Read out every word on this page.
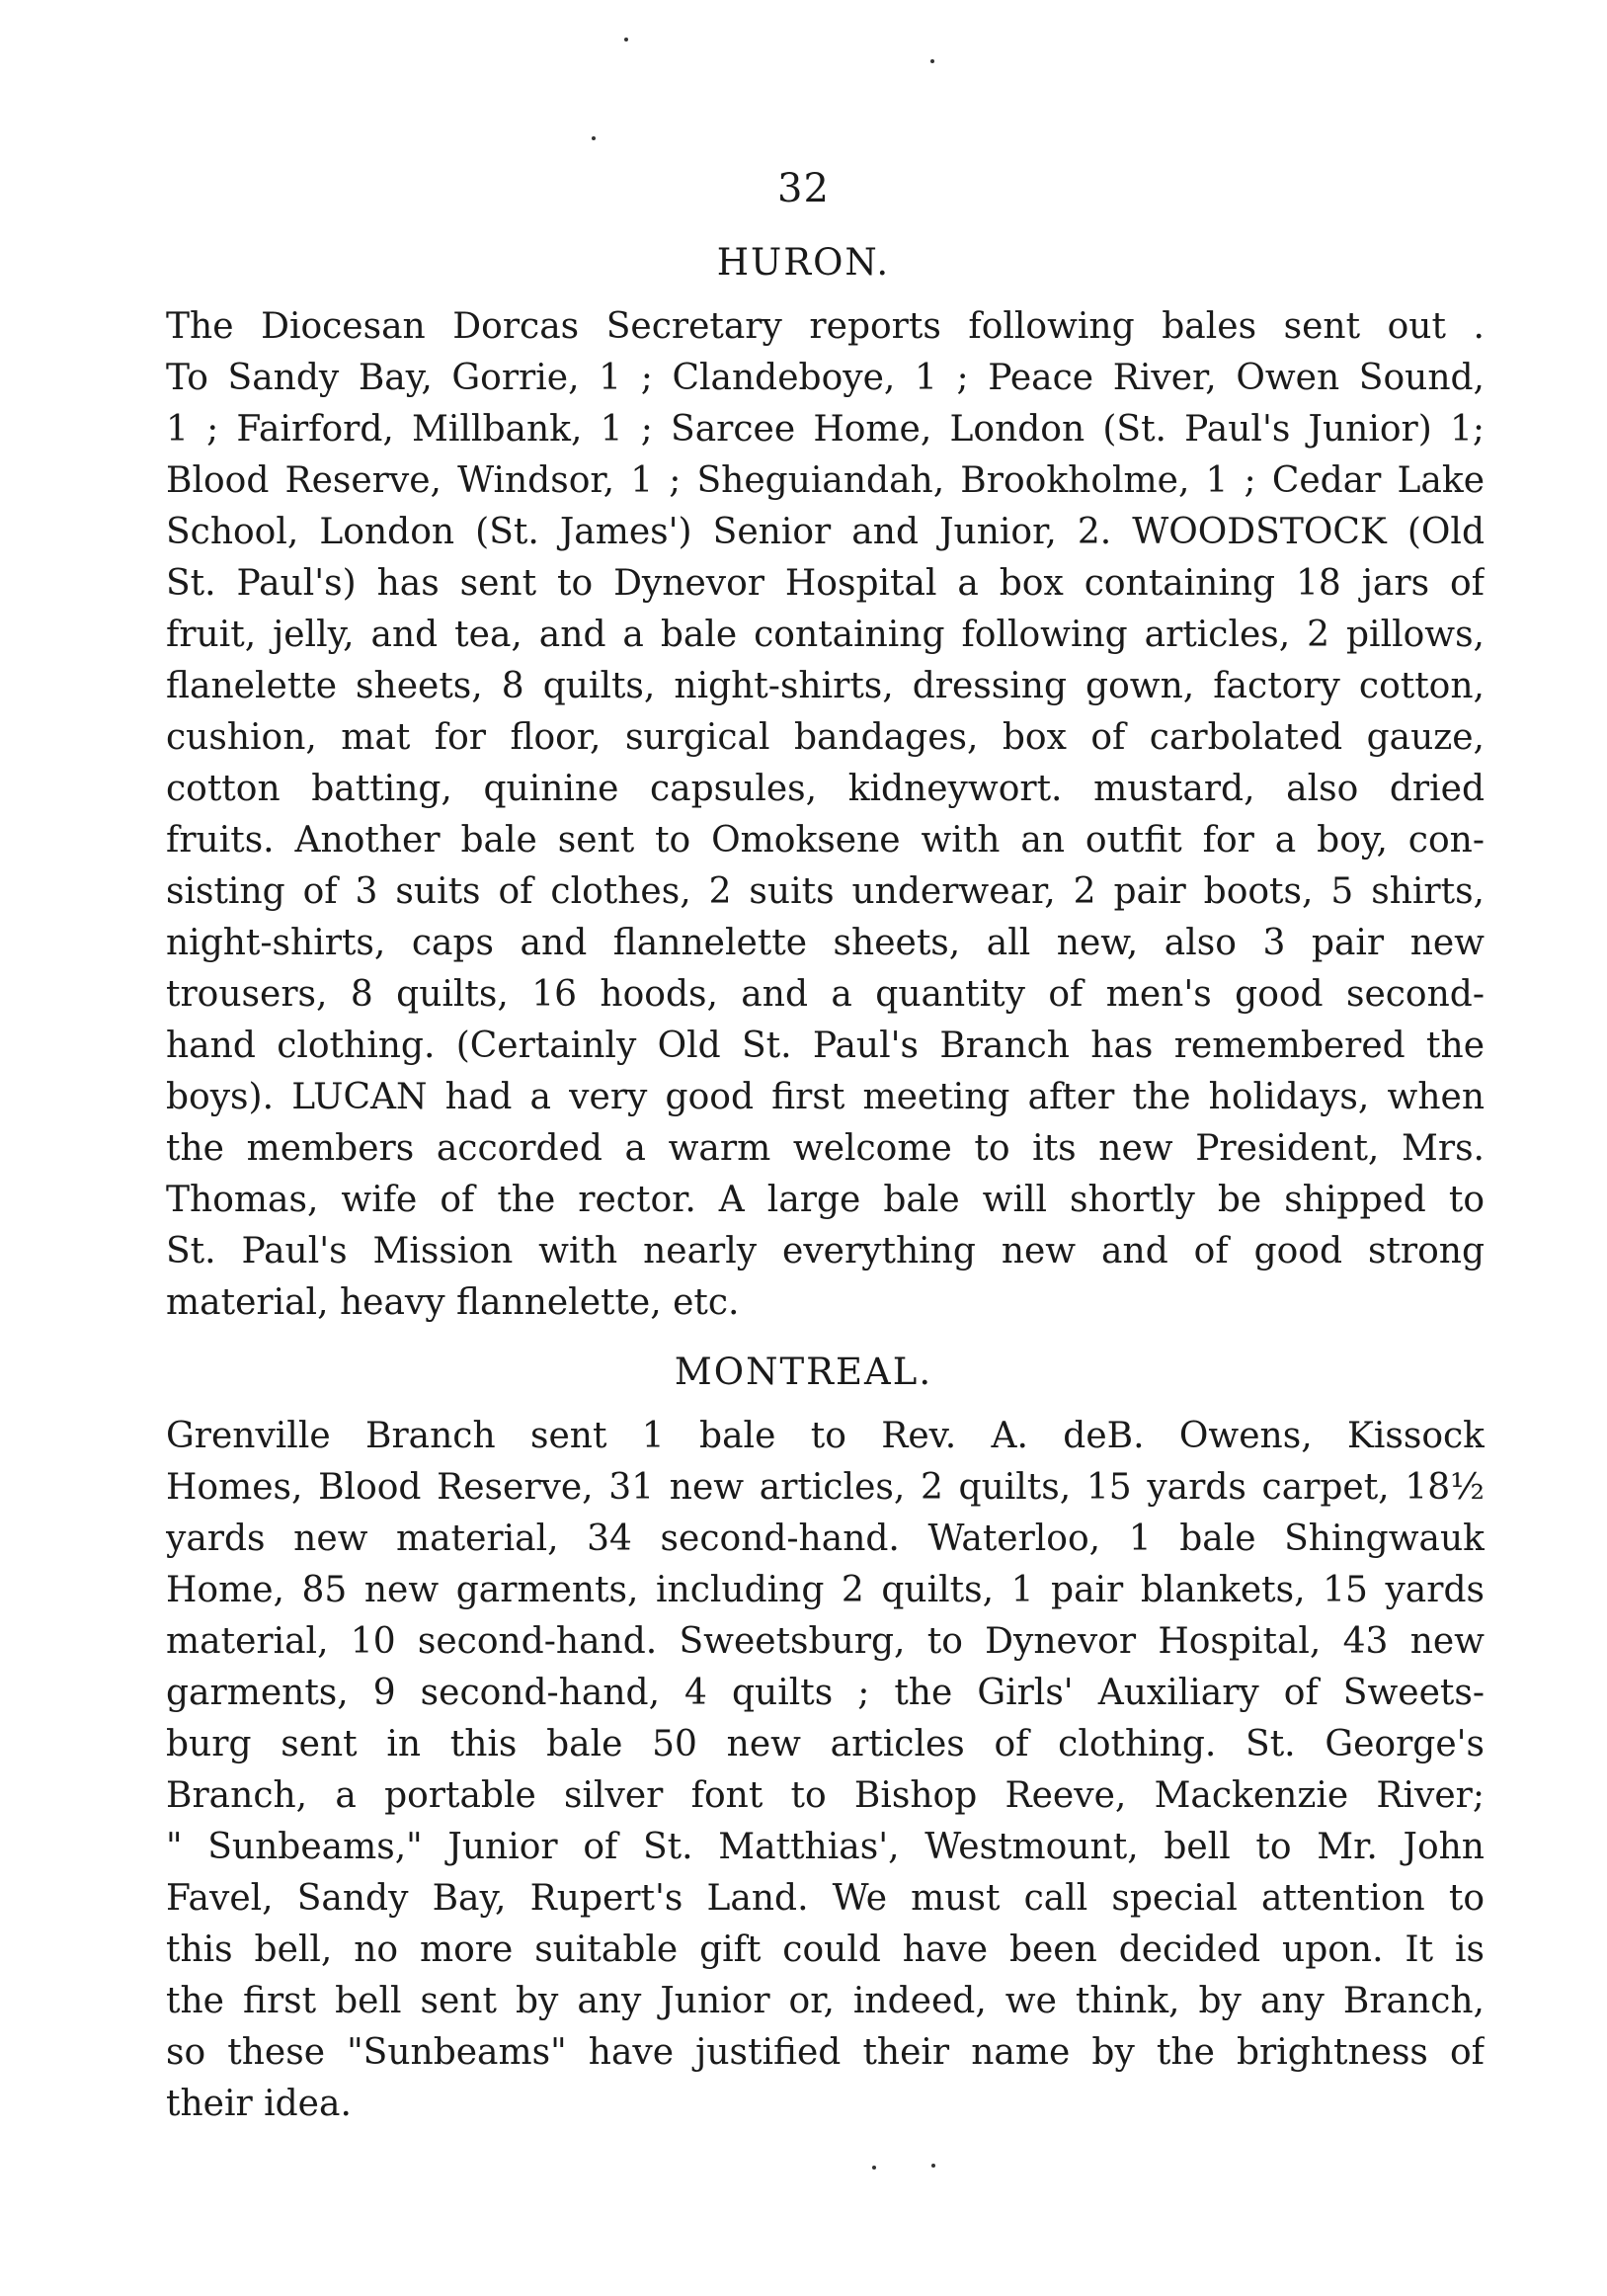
32
HURON.
The Diocesan Dorcas Secretary reports following bales sent out .
To Sandy Bay, Gorrie, 1 ; Clandeboye, 1 ; Peace River, Owen Sound,
1 ; Fairford, Millbank, 1 ; Sarcee Home, London (St. Paul's Junior) 1;
Blood Reserve, Windsor, 1 ; Sheguiandah, Brookholme, 1 ; Cedar Lake
School, London (St. James') Senior and Junior, 2. WOODSTOCK (Old
St. Paul's) has sent to Dynevor Hospital a box containing 18 jars of
fruit, jelly, and tea, and a bale containing following articles, 2 pillows,
flanelette sheets, 8 quilts, night-shirts, dressing gown, factory cotton,
cushion, mat for floor, surgical bandages, box of carbolated gauze,
cotton batting, quinine capsules, kidneywort. mustard, also dried
fruits. Another bale sent to Omoksene with an outfit for a boy, con-
sisting of 3 suits of clothes, 2 suits underwear, 2 pair boots, 5 shirts,
night-shirts, caps and flannelette sheets, all new, also 3 pair new
trousers, 8 quilts, 16 hoods, and a quantity of men's good second-
hand clothing. (Certainly Old St. Paul's Branch has remembered the
boys). LUCAN had a very good first meeting after the holidays, when
the members accorded a warm welcome to its new President, Mrs.
Thomas, wife of the rector. A large bale will shortly be shipped to
St. Paul's Mission with nearly everything new and of good strong
material, heavy flannelette, etc.
MONTREAL.
Grenville Branch sent 1 bale to Rev. A. deB. Owens, Kissock
Homes, Blood Reserve, 31 new articles, 2 quilts, 15 yards carpet, 18½
yards new material, 34 second-hand. Waterloo, 1 bale Shingwauk
Home, 85 new garments, including 2 quilts, 1 pair blankets, 15 yards
material, 10 second-hand. Sweetsburg, to Dynevor Hospital, 43 new
garments, 9 second-hand, 4 quilts ; the Girls' Auxiliary of Sweets-
burg sent in this bale 50 new articles of clothing. St. George's
Branch, a portable silver font to Bishop Reeve, Mackenzie River;
" Sunbeams," Junior of St. Matthias', Westmount, bell to Mr. John
Favel, Sandy Bay, Rupert's Land. We must call special attention to
this bell, no more suitable gift could have been decided upon. It is
the first bell sent by any Junior or, indeed, we think, by any Branch,
so these "Sunbeams" have justified their name by the brightness of
their idea.
